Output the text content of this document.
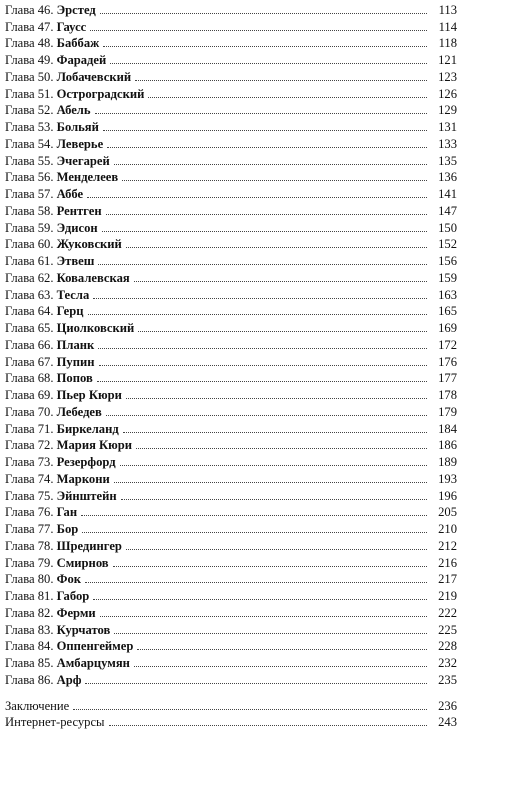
Глава 46. Эрстед	113
Глава 47. Гаусс	114
Глава 48. Баббаж	118
Глава 49. Фарадей	121
Глава 50. Лобачевский	123
Глава 51. Остроградский	126
Глава 52. Абель	129
Глава 53. Больяй	131
Глава 54. Леверье	133
Глава 55. Эчегарей	135
Глава 56. Менделеев	136
Глава 57. Аббе	141
Глава 58. Рентген	147
Глава 59. Эдисон	150
Глава 60. Жуковский	152
Глава 61. Этвеш	156
Глава 62. Ковалевская	159
Глава 63. Тесла	163
Глава 64. Герц	165
Глава 65. Циолковский	169
Глава 66. Планк	172
Глава 67. Пупин	176
Глава 68. Попов	177
Глава 69. Пьер Кюри	178
Глава 70. Лебедев	179
Глава 71. Биркеланд	184
Глава 72. Мария Кюри	186
Глава 73. Резерфорд	189
Глава 74. Маркони	193
Глава 75. Эйнштейн	196
Глава 76. Ган	205
Глава 77. Бор	210
Глава 78. Шредингер	212
Глава 79. Смирнов	216
Глава 80. Фок	217
Глава 81. Габор	219
Глава 82. Ферми	222
Глава 83. Курчатов	225
Глава 84. Оппенгеймер	228
Глава 85. Амбарцумян	232
Глава 86. Арф	235
Заключение	236
Интернет-ресурсы	243
